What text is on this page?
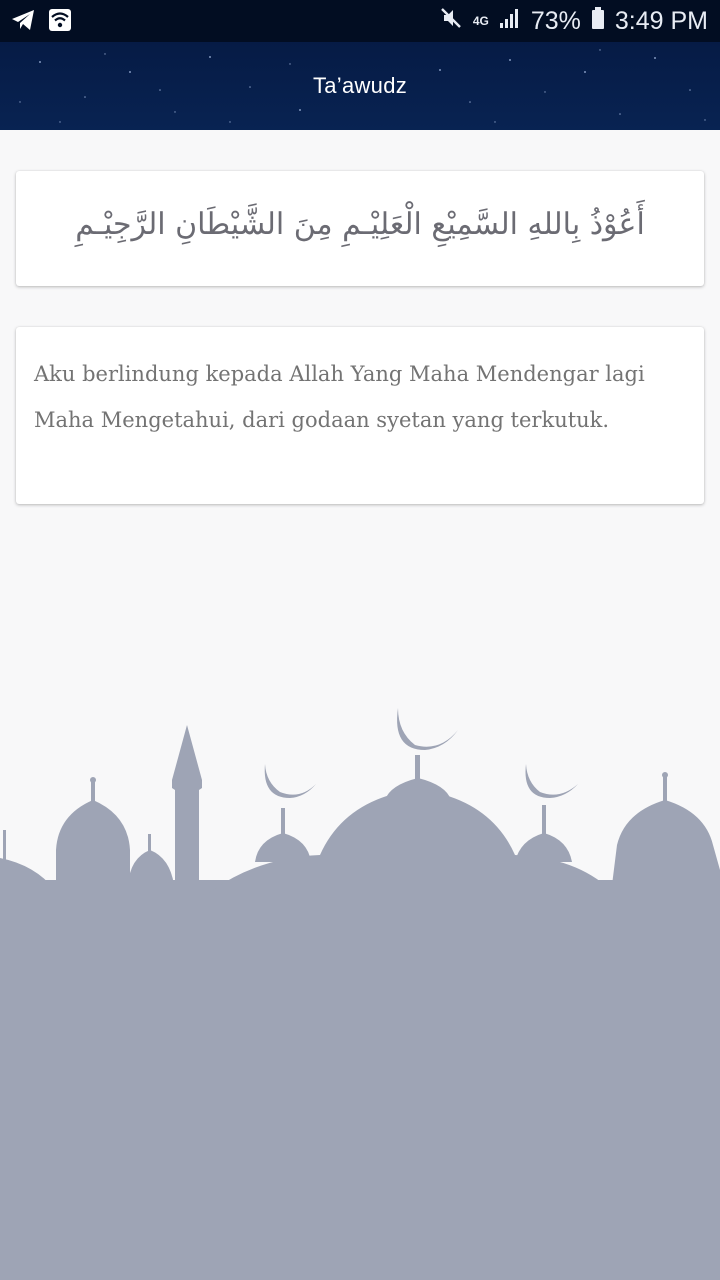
4G 73% 3:49 PM
Ta’awudz
أَعُوْذُ بِاللهِ السَّمِيْعِ الْعَلِيْـمِ مِنَ الشَّيْطَانِ الرَّجِيْـمِ
Aku berlindung kepada Allah Yang Maha Mendengar lagi Maha Mengetahui, dari godaan syetan yang terkutuk.
